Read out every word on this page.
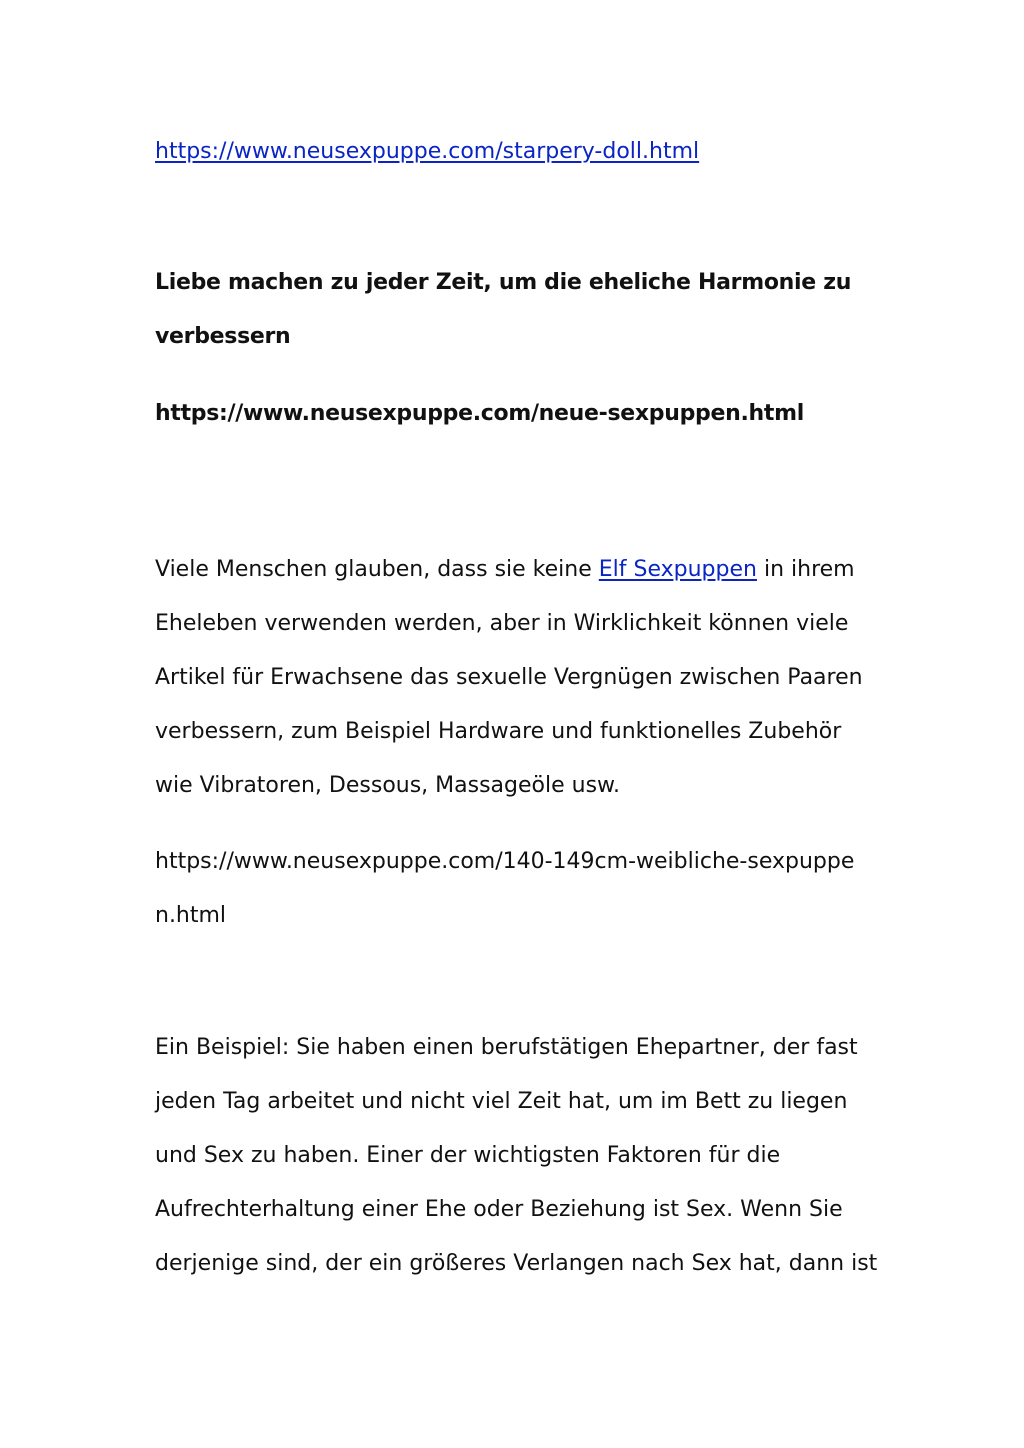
https://www.neusexpuppe.com/starpery-doll.html
Liebe machen zu jeder Zeit, um die eheliche Harmonie zu
verbessern
https://www.neusexpuppe.com/neue-sexpuppen.html
Viele Menschen glauben, dass sie keine Elf Sexpuppen in ihrem
Eheleben verwenden werden, aber in Wirklichkeit können viele
Artikel für Erwachsene das sexuelle Vergnügen zwischen Paaren
verbessern, zum Beispiel Hardware und funktionelles Zubehör
wie Vibratoren, Dessous, Massageöle usw.
https://www.neusexpuppe.com/140-149cm-weibliche-sexpuppe
n.html
Ein Beispiel: Sie haben einen berufstätigen Ehepartner, der fast
jeden Tag arbeitet und nicht viel Zeit hat, um im Bett zu liegen
und Sex zu haben. Einer der wichtigsten Faktoren für die
Aufrechterhaltung einer Ehe oder Beziehung ist Sex. Wenn Sie
derjenige sind, der ein größeres Verlangen nach Sex hat, dann ist
